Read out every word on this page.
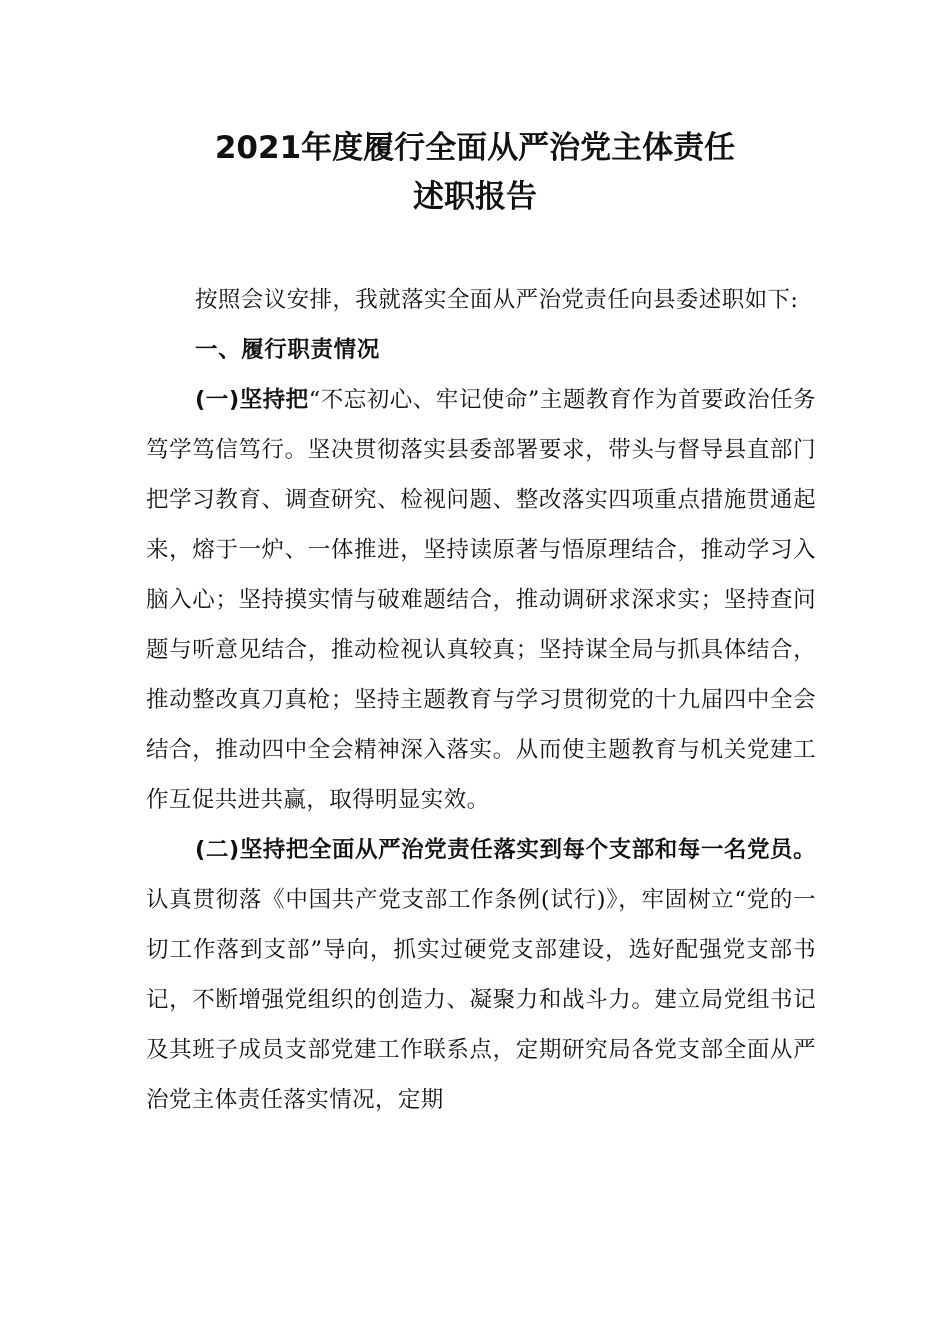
2021年度履行全面从严治党主体责任
述职报告

按照会议安排，我就落实全面从严治党责任向县委述职如下:

一、履行职责情况

(一)坚持把“不忘初心、牢记使命”主题教育作为首要政治任务笃学笃信笃行。坚决贯彻落实县委部署要求，带头与督导县直部门把学习教育、调查研究、检视问题、整改落实四项重点措施贯通起来，熔于一炉、一体推进，坚持读原著与悟原理结合，推动学习入脑入心；坚持摸实情与破难题结合，推动调研求深求实；坚持查问题与听意见结合，推动检视认真较真；坚持谋全局与抓具体结合，推动整改真刀真枪；坚持主题教育与学习贯彻党的十九届四中全会结合，推动四中全会精神深入落实。从而使主题教育与机关党建工作互促共进共赢，取得明显实效。

(二)坚持把全面从严治党责任落实到每个支部和每一名党员。认真贯彻落《中国共产党支部工作条例(试行)》，牢固树立“党的一切工作落到支部”导向，抓实过硬党支部建设，选好配强党支部书记，不断增强党组织的创造力、凝聚力和战斗力。建立局党组书记及其班子成员支部党建工作联系点，定期研究局各党支部全面从严治党主体责任落实情况，定期
